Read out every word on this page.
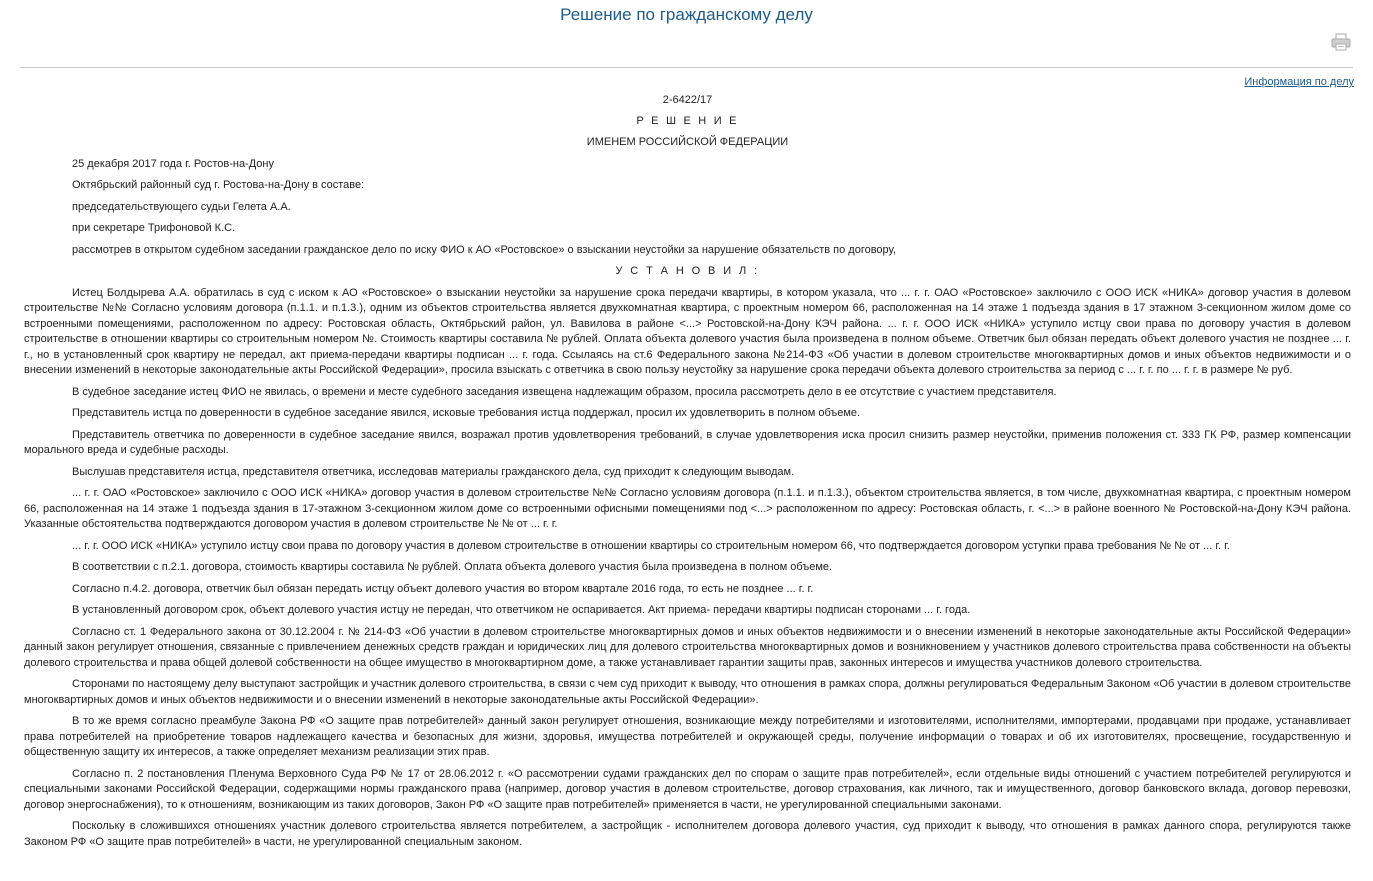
Решение по гражданскому делу
Информация по делу

2-6422/17

Р Е Ш Е Н И Е

ИМЕНЕМ РОССИЙСКОЙ ФЕДЕРАЦИИ

25 декабря 2017 года г. Ростов-на-Дону

Октябрьский районный суд г. Ростова-на-Дону в составе:

председательствующего судьи Гелета А.А.

при секретаре Трифоновой К.С.

рассмотрев в открытом судебном заседании гражданское дело по иску ФИО к АО «Ростовское» о взыскании неустойки за нарушение обязательств по договору,

У С Т А Н О В И Л :

Истец Болдырева А.А. обратилась в суд с иском к АО «Ростовское» о взыскании неустойки за нарушение срока передачи квартиры, в котором указала, что ... г. г. ОАО «Ростовское» заключило с ООО ИСК «НИКА» договор участия в долевом строительстве №№ Согласно условиям договора (п.1.1. и п.1.3.), одним из объектов строительства является двухкомнатная квартира, с проектным номером 66, расположенная на 14 этаже 1 подъезда здания в 17 этажном 3-секционном жилом доме со встроенными помещениями, расположенном по адресу: Ростовская область, Октябрьский район, ул. Вавилова в районе <...> Ростовской-на-Дону КЭЧ района. ... г. г. ООО ИСК «НИКА» уступило истцу свои права по договору участия в долевом строительстве в отношении квартиры со строительным номером №. Стоимость квартиры составила № рублей. Оплата объекта долевого участия была произведена в полном объеме. Ответчик был обязан передать объект долевого участия не позднее ... г. г., но в установленный срок квартиру не передал, акт приема-передачи квартиры подписан ... г. года. Ссылаясь на ст.6 Федерального закона №214-ФЗ «Об участии в долевом строительстве многоквартирных домов и иных объектов недвижимости и о внесении изменений в некоторые законодательные акты Российской Федерации», просила взыскать с ответчика в свою пользу неустойку за нарушение срока передачи объекта долевого строительства за период с ... г. г. по ... г. г. в размере № руб.

В судебное заседание истец ФИО не явилась, о времени и месте судебного заседания извещена надлежащим образом, просила рассмотреть дело в ее отсутствие с участием представителя.

Представитель истца по доверенности в судебное заседание явился, исковые требования истца поддержал, просил их удовлетворить в полном объеме.

Представитель ответчика по доверенности в судебное заседание явился, возражал против удовлетворения требований, в случае удовлетворения иска просил снизить размер неустойки, применив положения ст. 333 ГК РФ, размер компенсации морального вреда и судебные расходы.

Выслушав представителя истца, представителя ответчика, исследовав материалы гражданского дела, суд приходит к следующим выводам.

... г. г. ОАО «Ростовское» заключило с ООО ИСК «НИКА» договор участия в долевом строительстве №№ Согласно условиям договора (п.1.1. и п.1.3.), объектом строительства является, в том числе, двухкомнатная квартира, с проектным номером 66, расположенная на 14 этаже 1 подъезда здания в 17-этажном 3-секционном жилом доме со встроенными офисными помещениями под <...> расположенном по адресу: Ростовская область, г. <...> в районе военного № Ростовской-на-Дону КЭЧ района. Указанные обстоятельства подтверждаются договором участия в долевом строительстве № № от ... г. г.

... г. г. ООО ИСК «НИКА» уступило истцу свои права по договору участия в долевом строительстве в отношении квартиры со строительным номером 66, что подтверждается договором уступки права требования № № от ... г. г.

В соответствии с п.2.1. договора, стоимость квартиры составила № рублей. Оплата объекта долевого участия была произведена в полном объеме.

Согласно п.4.2. договора, ответчик был обязан передать истцу объект долевого участия во втором квартале 2016 года, то есть не позднее ... г. г.

В установленный договором срок, объект долевого участия истцу не передан, что ответчиком не оспаривается. Акт приема- передачи квартиры подписан сторонами ... г. года.

Согласно ст. 1 Федерального закона от 30.12.2004 г. № 214-ФЗ «Об участии в долевом строительстве многоквартирных домов и иных объектов недвижимости и о внесении изменений в некоторые законодательные акты Российской Федерации» данный закон регулирует отношения, связанные с привлечением денежных средств граждан и юридических лиц для долевого строительства многоквартирных домов и возникновением у участников долевого строительства права собственности на объекты долевого строительства и права общей долевой собственности на общее имущество в многоквартирном доме, а также устанавливает гарантии защиты прав, законных интересов и имущества участников долевого строительства.

Сторонами по настоящему делу выступают застройщик и участник долевого строительства, в связи с чем суд приходит к выводу, что отношения в рамках спора, должны регулироваться Федеральным Законом «Об участии в долевом строительстве многоквартирных домов и иных объектов недвижимости и о внесении изменений в некоторые законодательные акты Российской Федерации».

В то же время согласно преамбуле Закона РФ «О защите прав потребителей» данный закон регулирует отношения, возникающие между потребителями и изготовителями, исполнителями, импортерами, продавцами при продаже, устанавливает права потребителей на приобретение товаров надлежащего качества и безопасных для жизни, здоровья, имущества потребителей и окружающей среды, получение информации о товарах и об их изготовителях, просвещение, государственную и общественную защиту их интересов, а также определяет механизм реализации этих прав.

Согласно п. 2 постановления Пленума Верховного Суда РФ № 17 от 28.06.2012 г. «О рассмотрении судами гражданских дел по спорам о защите прав потребителей», если отдельные виды отношений с участием потребителей регулируются и специальными законами Российской Федерации, содержащими нормы гражданского права (например, договор участия в долевом строительстве, договор страхования, как личного, так и имущественного, договор банковского вклада, договор перевозки, договор энергоснабжения), то к отношениям, возникающим из таких договоров, Закон РФ «О защите прав потребителей» применяется в части, не урегулированной специальными законами.

Поскольку в сложившихся отношениях участник долевого строительства является потребителем, а застройщик - исполнителем договора долевого участия, суд приходит к выводу, что отношения в рамках данного спора, регулируются также Законом РФ «О защите прав потребителей» в части, не урегулированной специальным законом.
